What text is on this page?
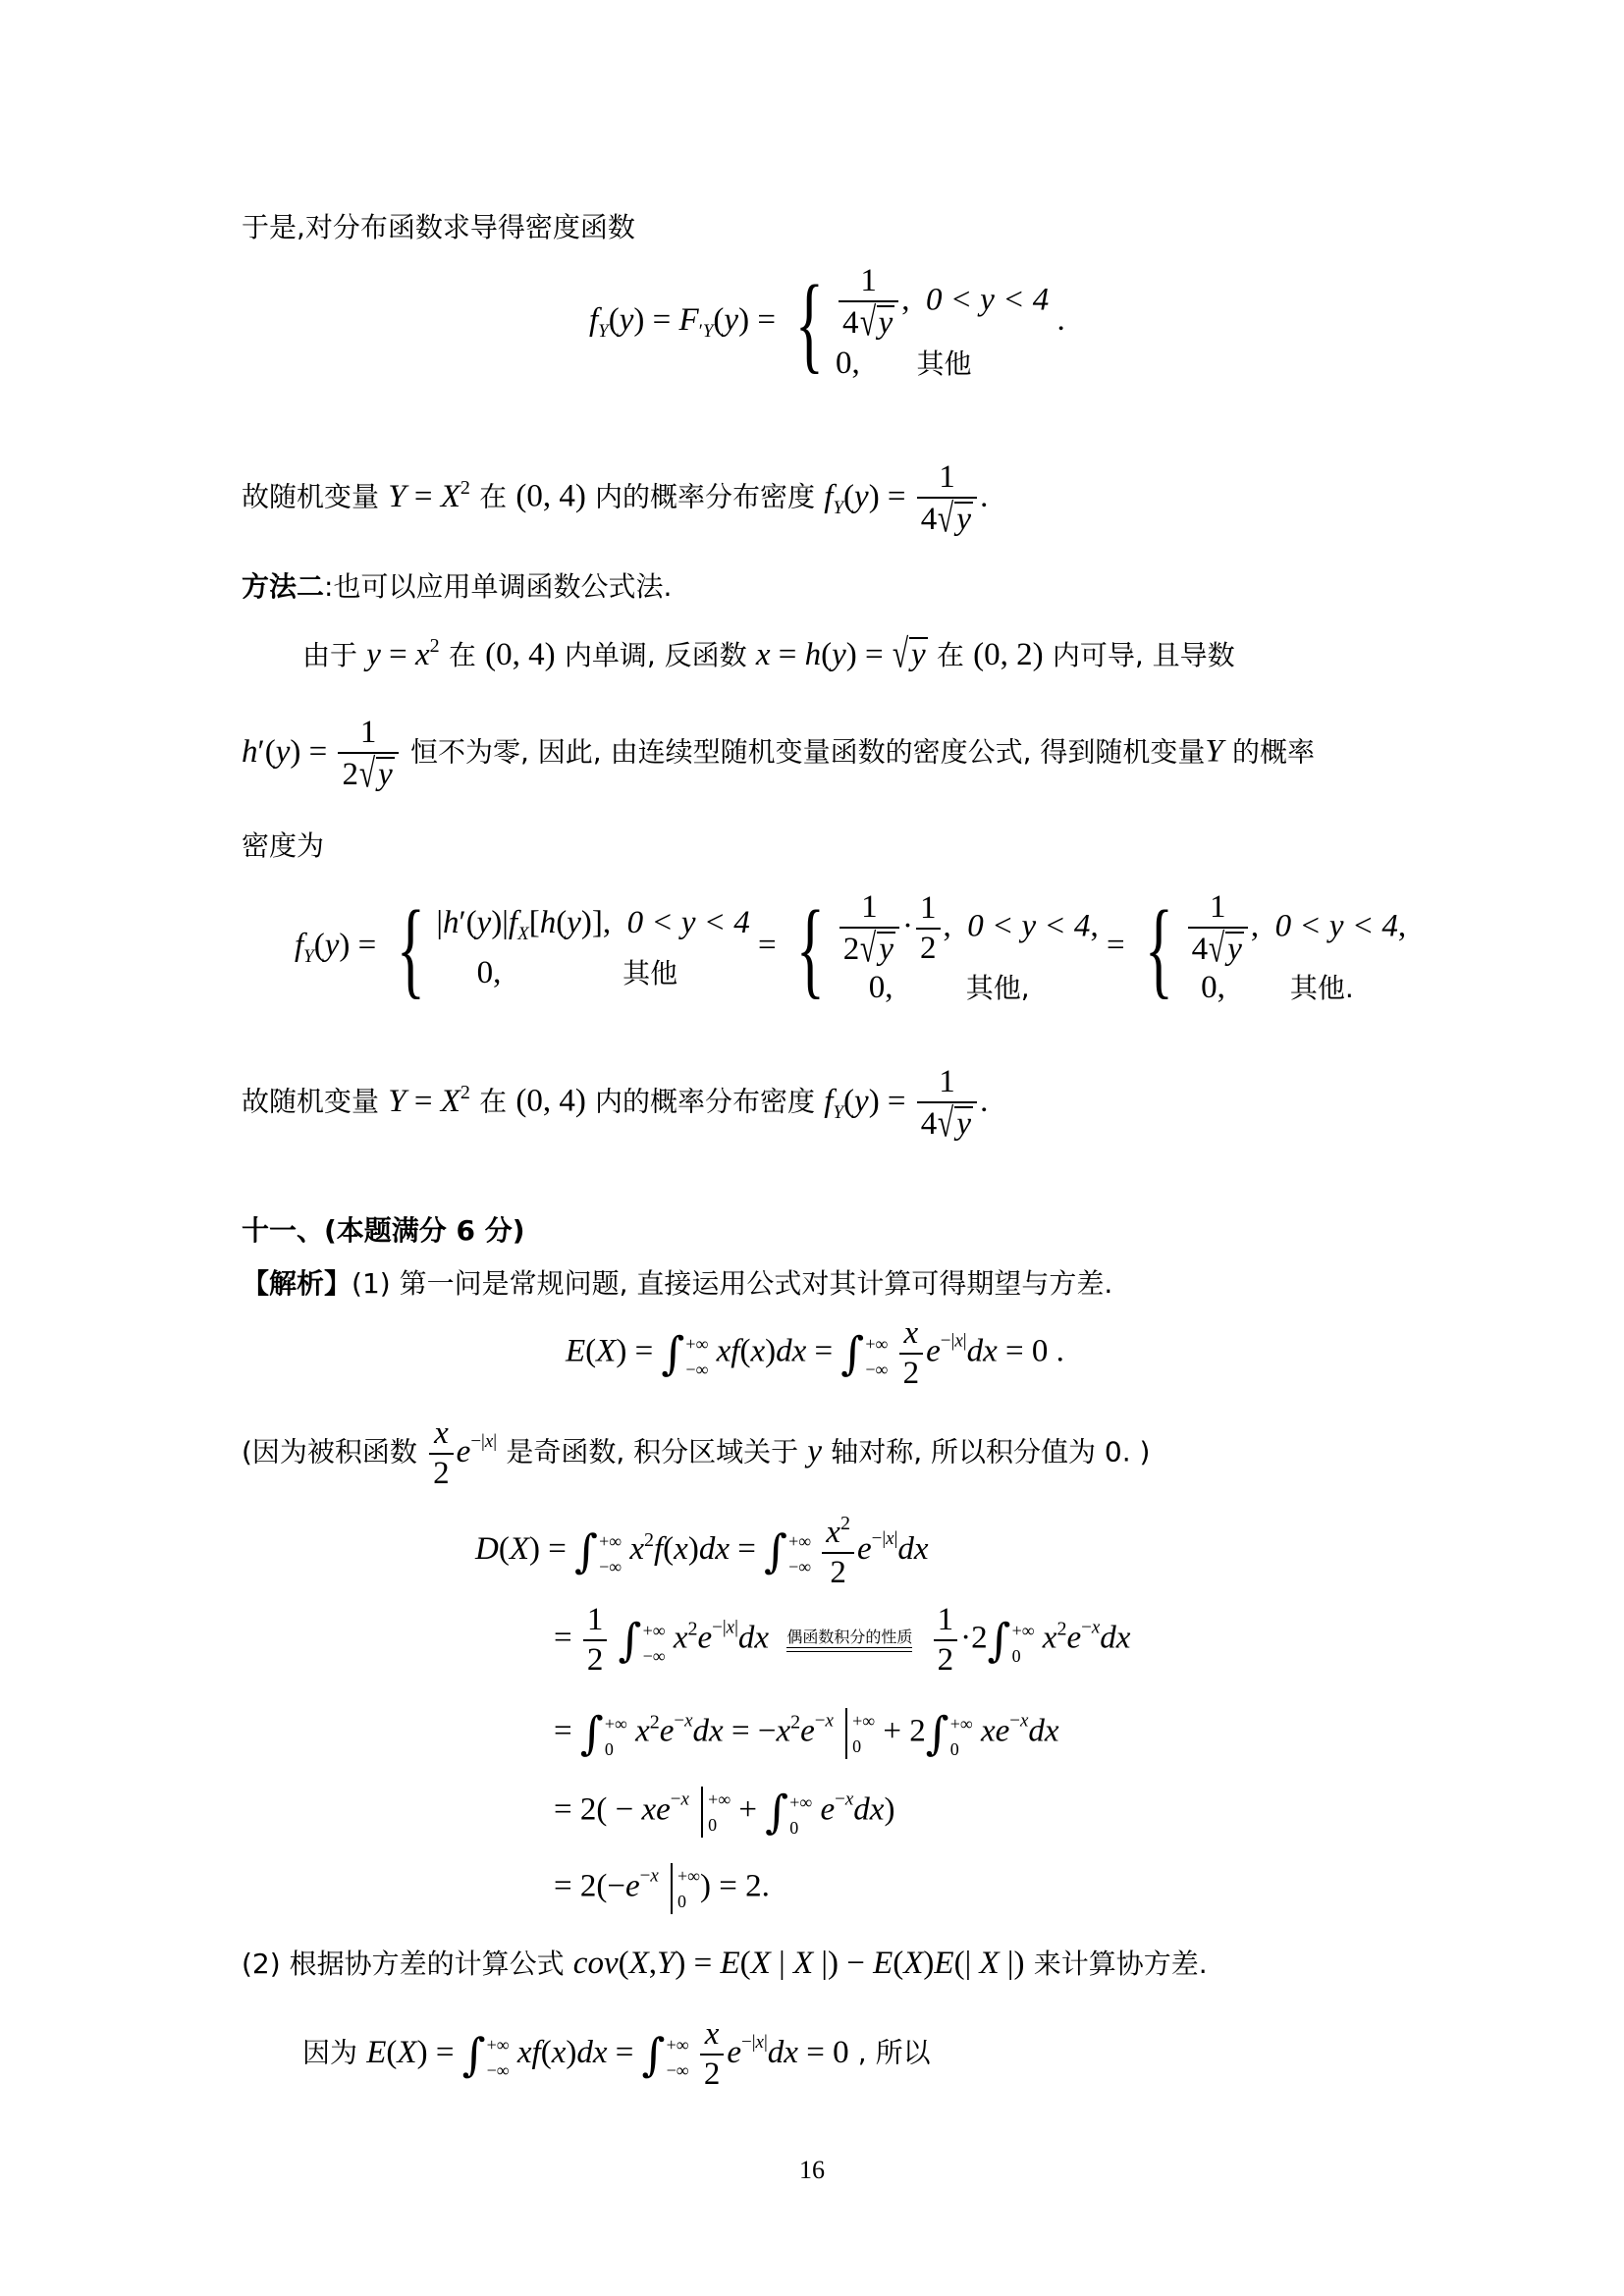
于是,对分布函数求导得密度函数
$f_Y(y) = F_{'Y}(y)$ = { $\frac{1}{4√y}$ ,  0 < y < 4
0,       其他
.
故随机变量 $Y = X^2$ 在 (0, 4) 内的概率分布密度 $f_Y(y) = \frac{1}{4√y}$ .
方法二:也可以应用单调函数公式法.
由于 $y = x^2$ 在 (0, 4) 内单调, 反函数 x = h(y) = √y 在 (0, 2) 内可导, 且导数
$h'(y) = \frac{1}{2√y}$ 恒不为零, 因此, 由连续型随机变量函数的密度公式, 得到随机变量Y 的概率
密度为
$f_Y(y)$ = { $|h'(y)|f_X[h(y)]$,  0 < y < 4
0,               其他
= { $\frac{1}{2√y} \cdot \frac{1}{2}$ ,  0 < y < 4,
0,         其他,
= { $\frac{1}{4√y}$ ,  0 < y < 4,
0,        其他.
故随机变量 $Y = X^2$ 在 (0, 4) 内的概率分布密度 $f_Y(y) = \frac{1}{4√y}$ .
十一、(本题满分 6 分)
【解析】(1) 第一问是常规问题, 直接运用公式对其计算可得期望与方差.
E(X) = ∫ +∞
−∞ xf(x)dx = ∫ +∞
−∞
$\frac{x}{2} e^{-|x|}dx = 0$ .
(因为被积函数 $\frac{x}{2} e^{-|x|}$ 是奇函数, 积分区域关于 y 轴对称, 所以积分值为 0. )
D(X) = ∫ +∞
−∞ $x^2f(x)dx$ = ∫ +∞
−∞
$\frac{x^2}{2} e^{-|x|}dx$
= $\frac{1}{2}$ ∫ +∞
−∞ $x^2e^{-|x|}dx$ 偶函数积分的性质
$\frac{1}{2} \cdot 2\int$ +∞
0 $x^2e^{-x}dx$
= ∫ +∞
0 $x^2e^{-x}dx = -x^2e^{-x}$ +∞
0 + 2∫ +∞
0 $xe^{-x}dx$
= $2( - xe^{-x}$ +∞
0 + ∫ +∞
0 $e^{-x}dx$)
= $2(-e^{-x}$ +∞
0 ) = 2.
(2) 根据协方差的计算公式 cov(X,Y) = E(X | X |) − E(X)E(| X |) 来计算协方差.
因为 E(X) = ∫ +∞
−∞ xf(x)dx = ∫ +∞
−∞
$\frac{x}{2} e^{-|x|}dx = 0$ , 所以
16
